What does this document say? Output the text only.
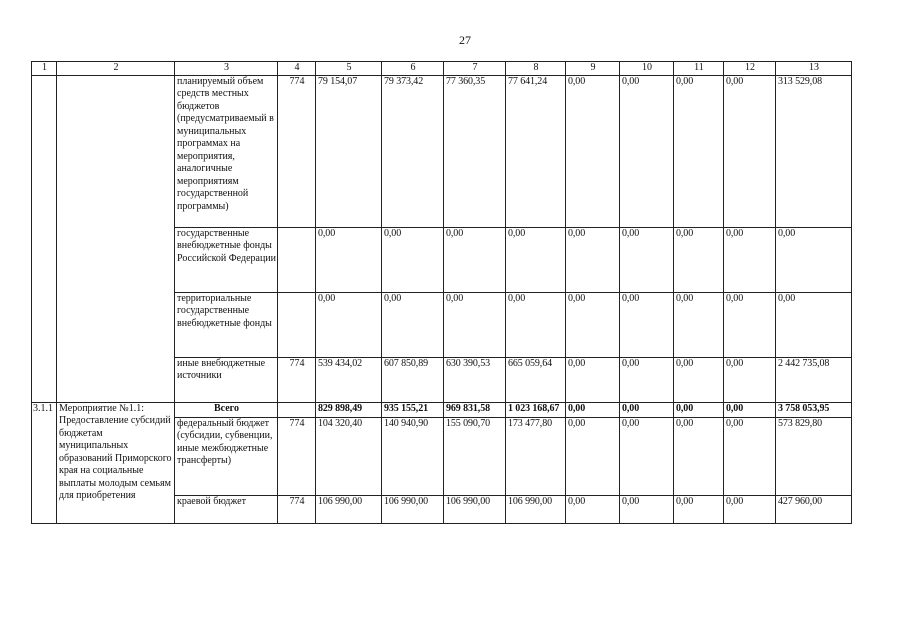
27
1	2	3	4	5	6	7	8	9	10	11	12	13
		планируемый объем средств местных бюджетов (предусматриваемый в муниципальных программах на мероприятия, аналогичные мероприятиям государственной программы)	774	79 154,07	79 373,42	77 360,35	77 641,24	0,00	0,00	0,00	0,00	313 529,08
		государственные внебюджетные фонды Российской Федерации		0,00	0,00	0,00	0,00	0,00	0,00	0,00	0,00	0,00
		территориальные государственные внебюджетные фонды		0,00	0,00	0,00	0,00	0,00	0,00	0,00	0,00	0,00
		иные внебюджетные источники	774	539 434,02	607 850,89	630 390,53	665 059,64	0,00	0,00	0,00	0,00	2 442 735,08
3.1.1	Мероприятие №1.1: Предоставление субсидий бюджетам муниципальных образований Приморского края на социальные выплаты молодым семьям для приобретения	Всего		829 898,49	935 155,21	969 831,58	1 023 168,67	0,00	0,00	0,00	0,00	3 758 053,95
		федеральный бюджет (субсидии, субвенции, иные межбюджетные трансферты)	774	104 320,40	140 940,90	155 090,70	173 477,80	0,00	0,00	0,00	0,00	573 829,80
		краевой бюджет	774	106 990,00	106 990,00	106 990,00	106 990,00	0,00	0,00	0,00	0,00	427 960,00
